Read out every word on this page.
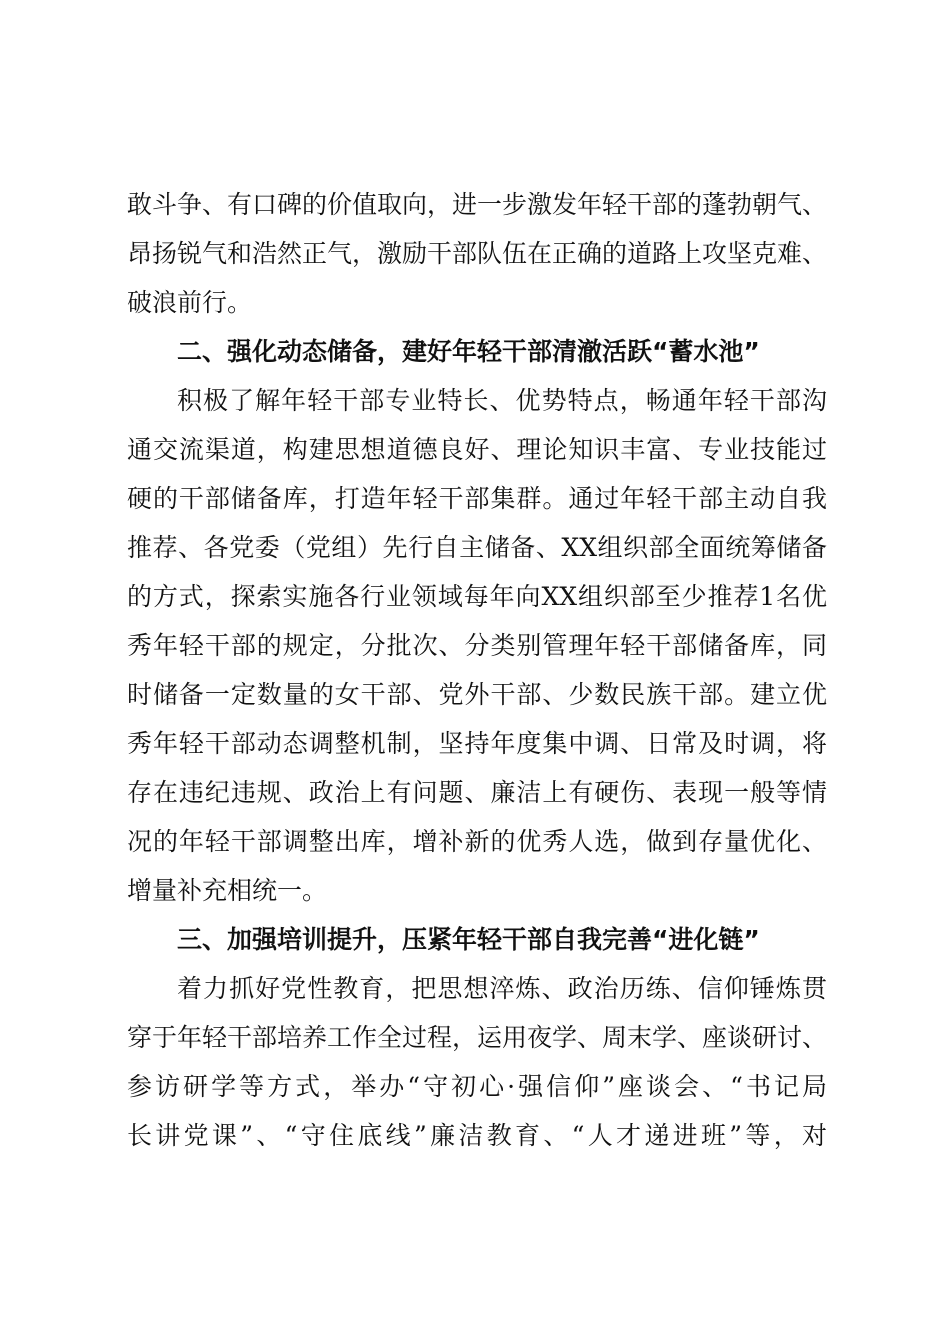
敢斗争、有口碑的价值取向，进一步激发年轻干部的蓬勃朝气、
昂扬锐气和浩然正气，激励干部队伍在正确的道路上攻坚克难、
破浪前行。
二、强化动态储备，建好年轻干部清澈活跃“蓄水池”
积极了解年轻干部专业特长、优势特点，畅通年轻干部沟
通交流渠道，构建思想道德良好、理论知识丰富、专业技能过
硬的干部储备库，打造年轻干部集群。通过年轻干部主动自我
推荐、各党委（党组）先行自主储备、XX组织部全面统筹储备
的方式，探索实施各行业领域每年向XX组织部至少推荐1名优
秀年轻干部的规定，分批次、分类别管理年轻干部储备库，同
时储备一定数量的女干部、党外干部、少数民族干部。建立优
秀年轻干部动态调整机制，坚持年度集中调、日常及时调，将
存在违纪违规、政治上有问题、廉洁上有硬伤、表现一般等情
况的年轻干部调整出库，增补新的优秀人选，做到存量优化、
增量补充相统一。
三、加强培训提升，压紧年轻干部自我完善“进化链”
着力抓好党性教育，把思想淬炼、政治历练、信仰锤炼贯
穿于年轻干部培养工作全过程，运用夜学、周末学、座谈研讨、
参访研学等方式，举办“守初心·强信仰”座谈会、“书记局
长讲党课”、“守住底线”廉洁教育、“人才递进班”等，对
